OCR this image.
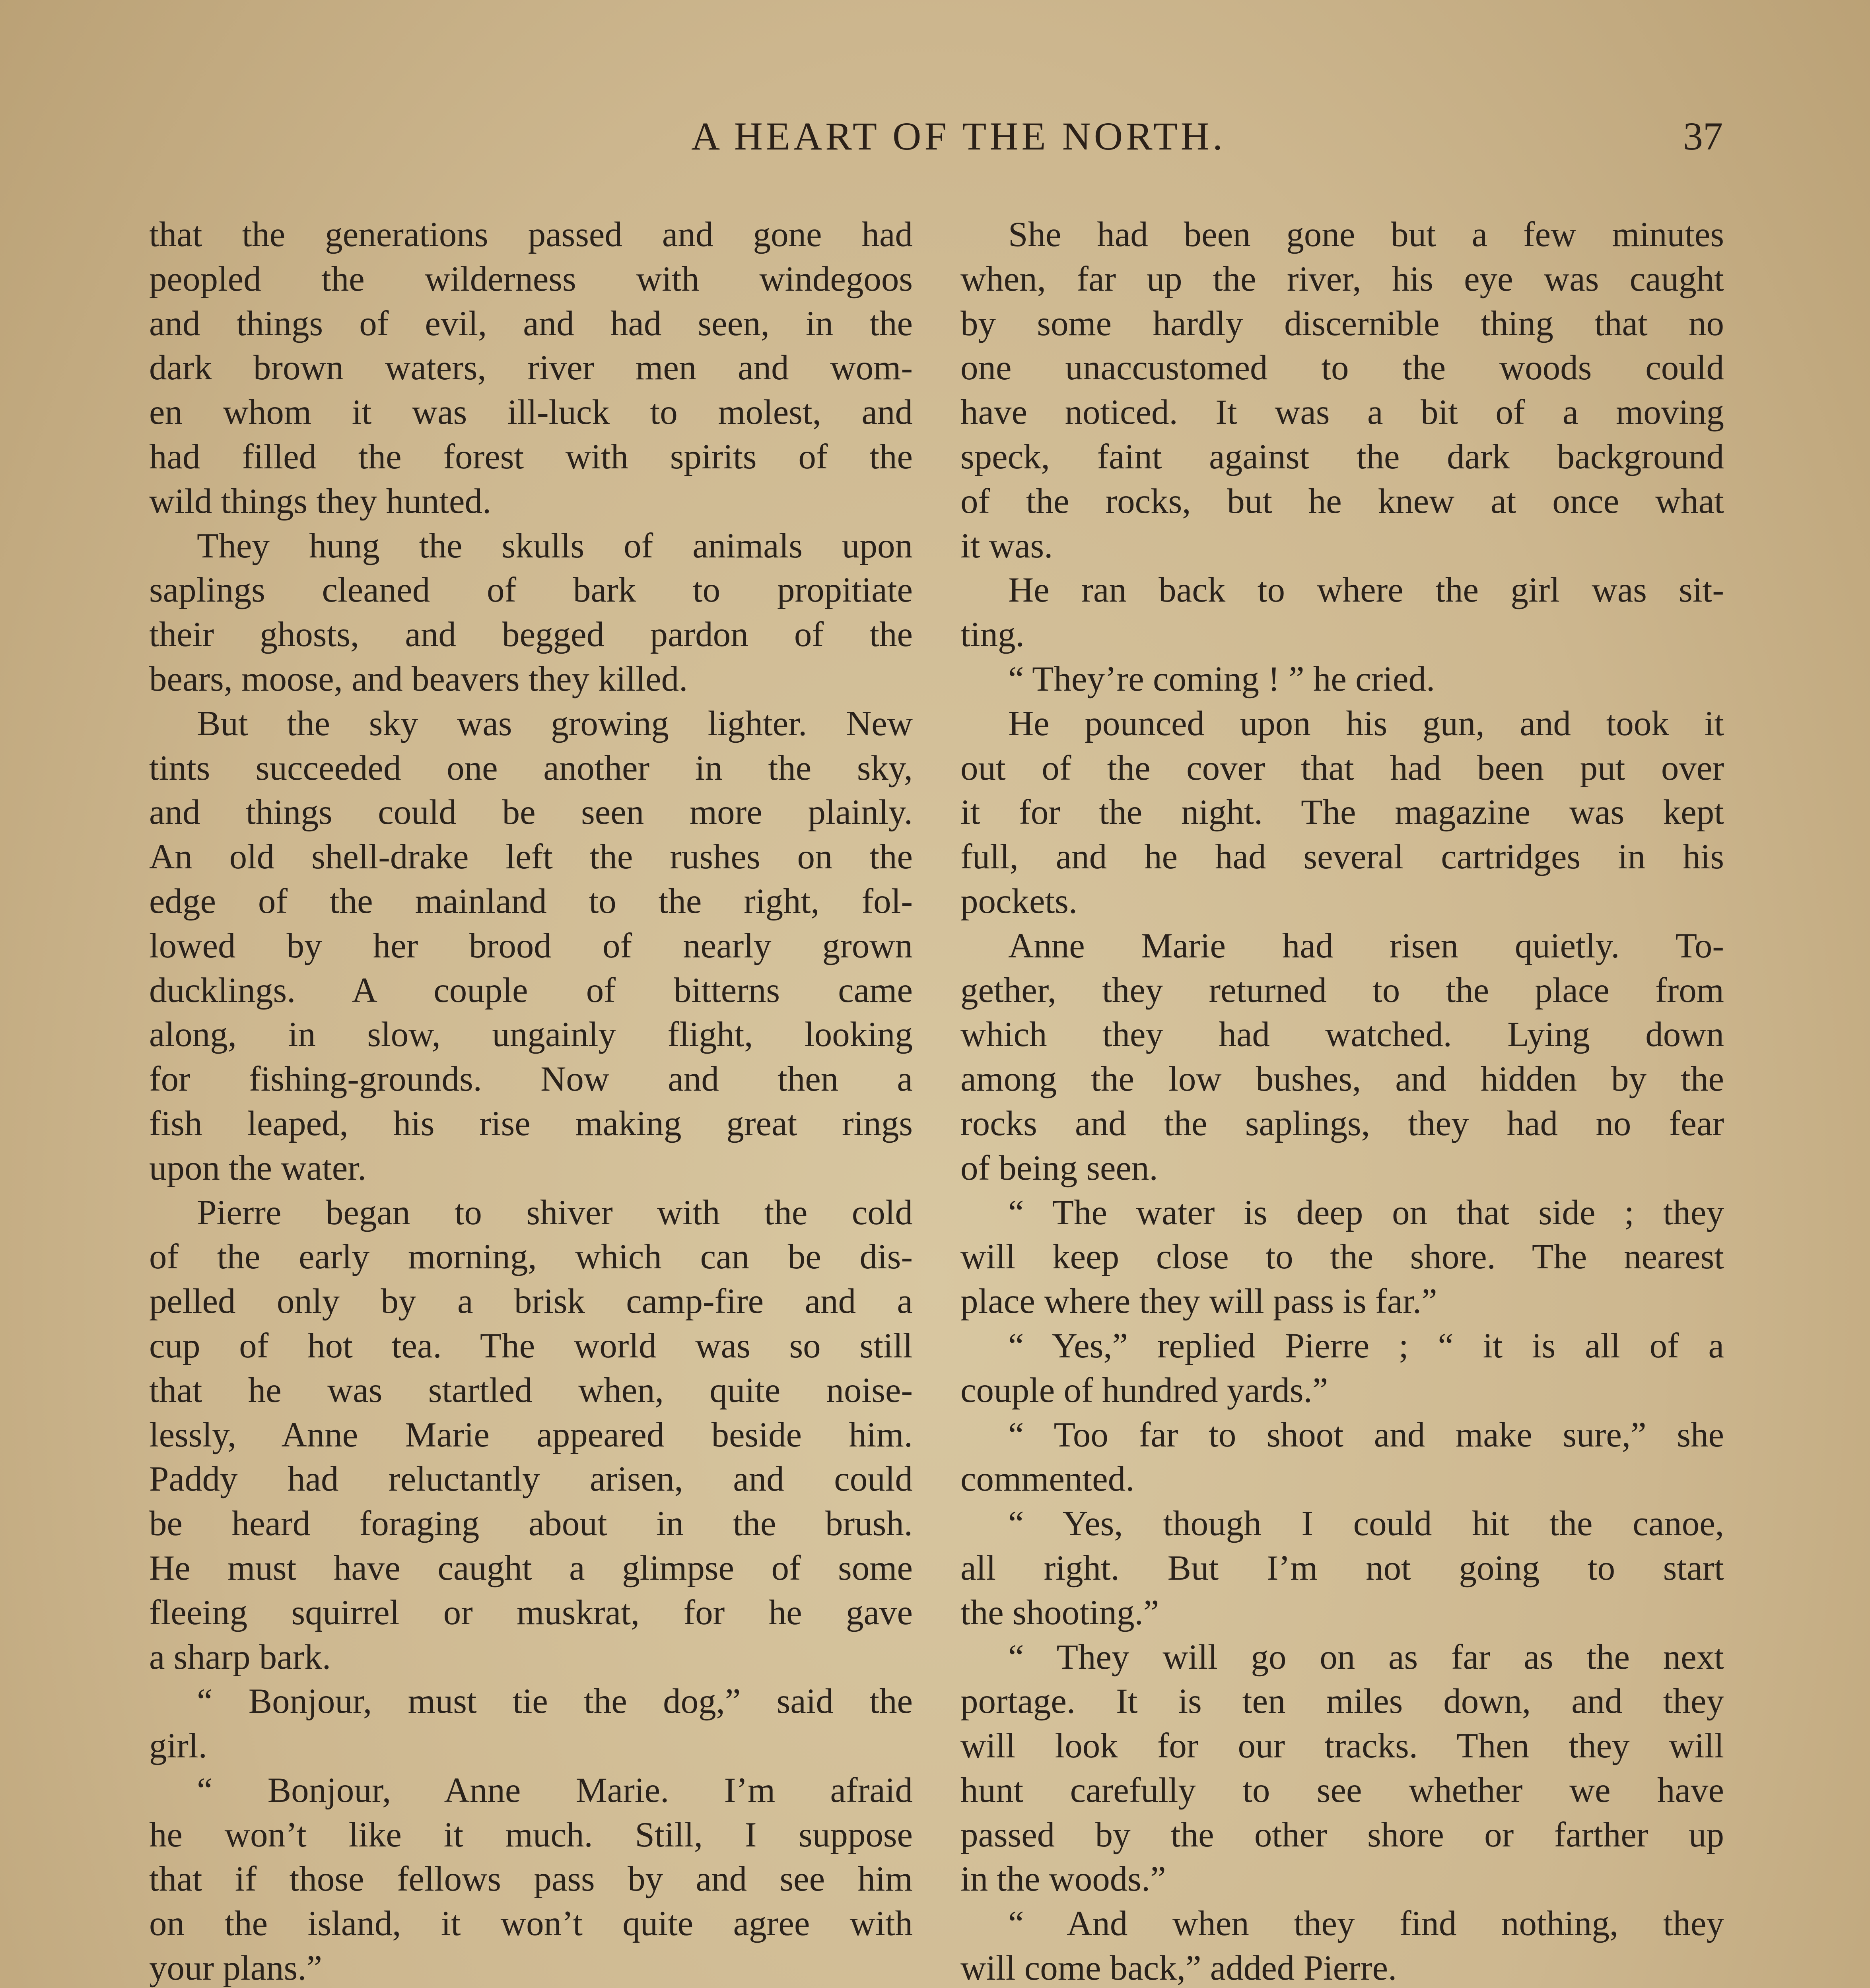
A HEART OF THE NORTH.	37
that the generations passed and gone had
peopled the wilderness with windegoos
and things of evil, and had seen, in the
dark brown waters, river men and wom-
en whom it was ill-luck to molest, and
had filled the forest with spirits of the
wild things they hunted.
They hung the skulls of animals upon
saplings cleaned of bark to propitiate
their ghosts, and begged pardon of the
bears, moose, and beavers they killed.
But the sky was growing lighter. New
tints succeeded one another in the sky,
and things could be seen more plainly.
An old shell-drake left the rushes on the
edge of the mainland to the right, fol-
lowed by her brood of nearly grown
ducklings. A couple of bitterns came
along, in slow, ungainly flight, looking
for fishing-grounds. Now and then a
fish leaped, his rise making great rings
upon the water.
Pierre began to shiver with the cold
of the early morning, which can be dis-
pelled only by a brisk camp-fire and a
cup of hot tea. The world was so still
that he was startled when, quite noise-
lessly, Anne Marie appeared beside him.
Paddy had reluctantly arisen, and could
be heard foraging about in the brush.
He must have caught a glimpse of some
fleeing squirrel or muskrat, for he gave
a sharp bark.
“ Bonjour, must tie the dog,” said the
girl.
“ Bonjour, Anne Marie. I’m afraid
he won’t like it much. Still, I suppose
that if those fellows pass by and see him
on the island, it won’t quite agree with
your plans.”
She had been gone but a few minutes
when, far up the river, his eye was caught
by some hardly discernible thing that no
one unaccustomed to the woods could
have noticed. It was a bit of a moving
speck, faint against the dark background
of the rocks, but he knew at once what
it was.
He ran back to where the girl was sit-
ting.
“ They’re coming ! ” he cried.
He pounced upon his gun, and took it
out of the cover that had been put over
it for the night. The magazine was kept
full, and he had several cartridges in his
pockets.
Anne Marie had risen quietly. To-
gether, they returned to the place from
which they had watched. Lying down
among the low bushes, and hidden by the
rocks and the saplings, they had no fear
of being seen.
“ The water is deep on that side ; they
will keep close to the shore. The nearest
place where they will pass is far.”
“ Yes,” replied Pierre ; “ it is all of a
couple of hundred yards.”
“ Too far to shoot and make sure,” she
commented.
“ Yes, though I could hit the canoe,
all right. But I’m not going to start
the shooting.”
“ They will go on as far as the next
portage. It is ten miles down, and they
will look for our tracks. Then they will
hunt carefully to see whether we have
passed by the other shore or farther up
in the woods.”
“ And when they find nothing, they
will come back,” added Pierre.
